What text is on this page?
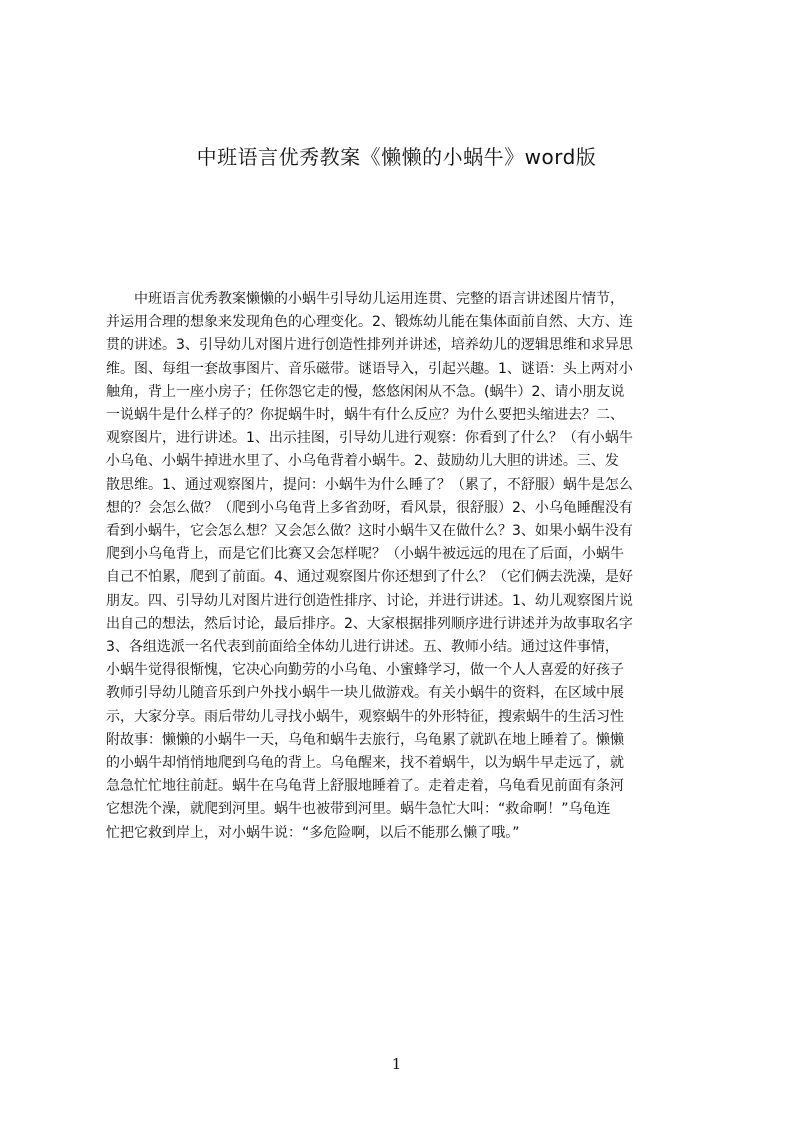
中班语言优秀教案《懒懒的小蜗牛》word版
　　中班语言优秀教案懒懒的小蜗牛引导幼儿运用连贯、完整的语言讲述图片情节，
并运用合理的想象来发现角色的心理变化。2、锻炼幼儿能在集体面前自然、大方、连
贯的讲述。3、引导幼儿对图片进行创造性排列并讲述，培养幼儿的逻辑思维和求异思
维。图、每组一套故事图片、音乐磁带。谜语导入，引起兴趣。1、谜语：头上两对小
触角，背上一座小房子；任你怨它走的慢，悠悠闲闲从不急。(蜗牛）2、请小朋友说
一说蜗牛是什么样子的？你捉蜗牛时，蜗牛有什么反应？为什么要把头缩进去？二、
观察图片，进行讲述。1、出示挂图，引导幼儿进行观察：你看到了什么？（有小蜗牛
小乌龟、小蜗牛掉进水里了、小乌龟背着小蜗牛。2、鼓励幼儿大胆的讲述。三、发
散思维。1、通过观察图片，提问：小蜗牛为什么睡了？（累了，不舒服）蜗牛是怎么
想的？会怎么做？（爬到小乌龟背上多省劲呀，看风景，很舒服）2、小乌龟睡醒没有
看到小蜗牛，它会怎么想？又会怎么做？这时小蜗牛又在做什么？3、如果小蜗牛没有
爬到小乌龟背上，而是它们比赛又会怎样呢？（小蜗牛被远远的甩在了后面，小蜗牛
自己不怕累，爬到了前面。4、通过观察图片你还想到了什么？（它们俩去洗澡，是好
朋友。四、引导幼儿对图片进行创造性排序、讨论，并进行讲述。1、幼儿观察图片说
出自己的想法，然后讨论，最后排序。2、大家根据排列顺序进行讲述并为故事取名字
3、各组选派一名代表到前面给全体幼儿进行讲述。五、教师小结。通过这件事情，
小蜗牛觉得很惭愧，它决心向勤劳的小乌龟、小蜜蜂学习，做一个人人喜爱的好孩子
教师引导幼儿随音乐到户外找小蜗牛一块儿做游戏。有关小蜗牛的资料，在区域中展
示，大家分享。雨后带幼儿寻找小蜗牛，观察蜗牛的外形特征，搜索蜗牛的生活习性
附故事：懒懒的小蜗牛一天，乌龟和蜗牛去旅行，乌龟累了就趴在地上睡着了。懒懒
的小蜗牛却悄悄地爬到乌龟的背上。乌龟醒来，找不着蜗牛，以为蜗牛早走远了，就
急急忙忙地往前赶。蜗牛在乌龟背上舒服地睡着了。走着走着，乌龟看见前面有条河
它想洗个澡，就爬到河里。蜗牛也被带到河里。蜗牛急忙大叫：“救命啊！”乌龟连
忙把它救到岸上，对小蜗牛说：“多危险啊，以后不能那么懒了哦。”
1
